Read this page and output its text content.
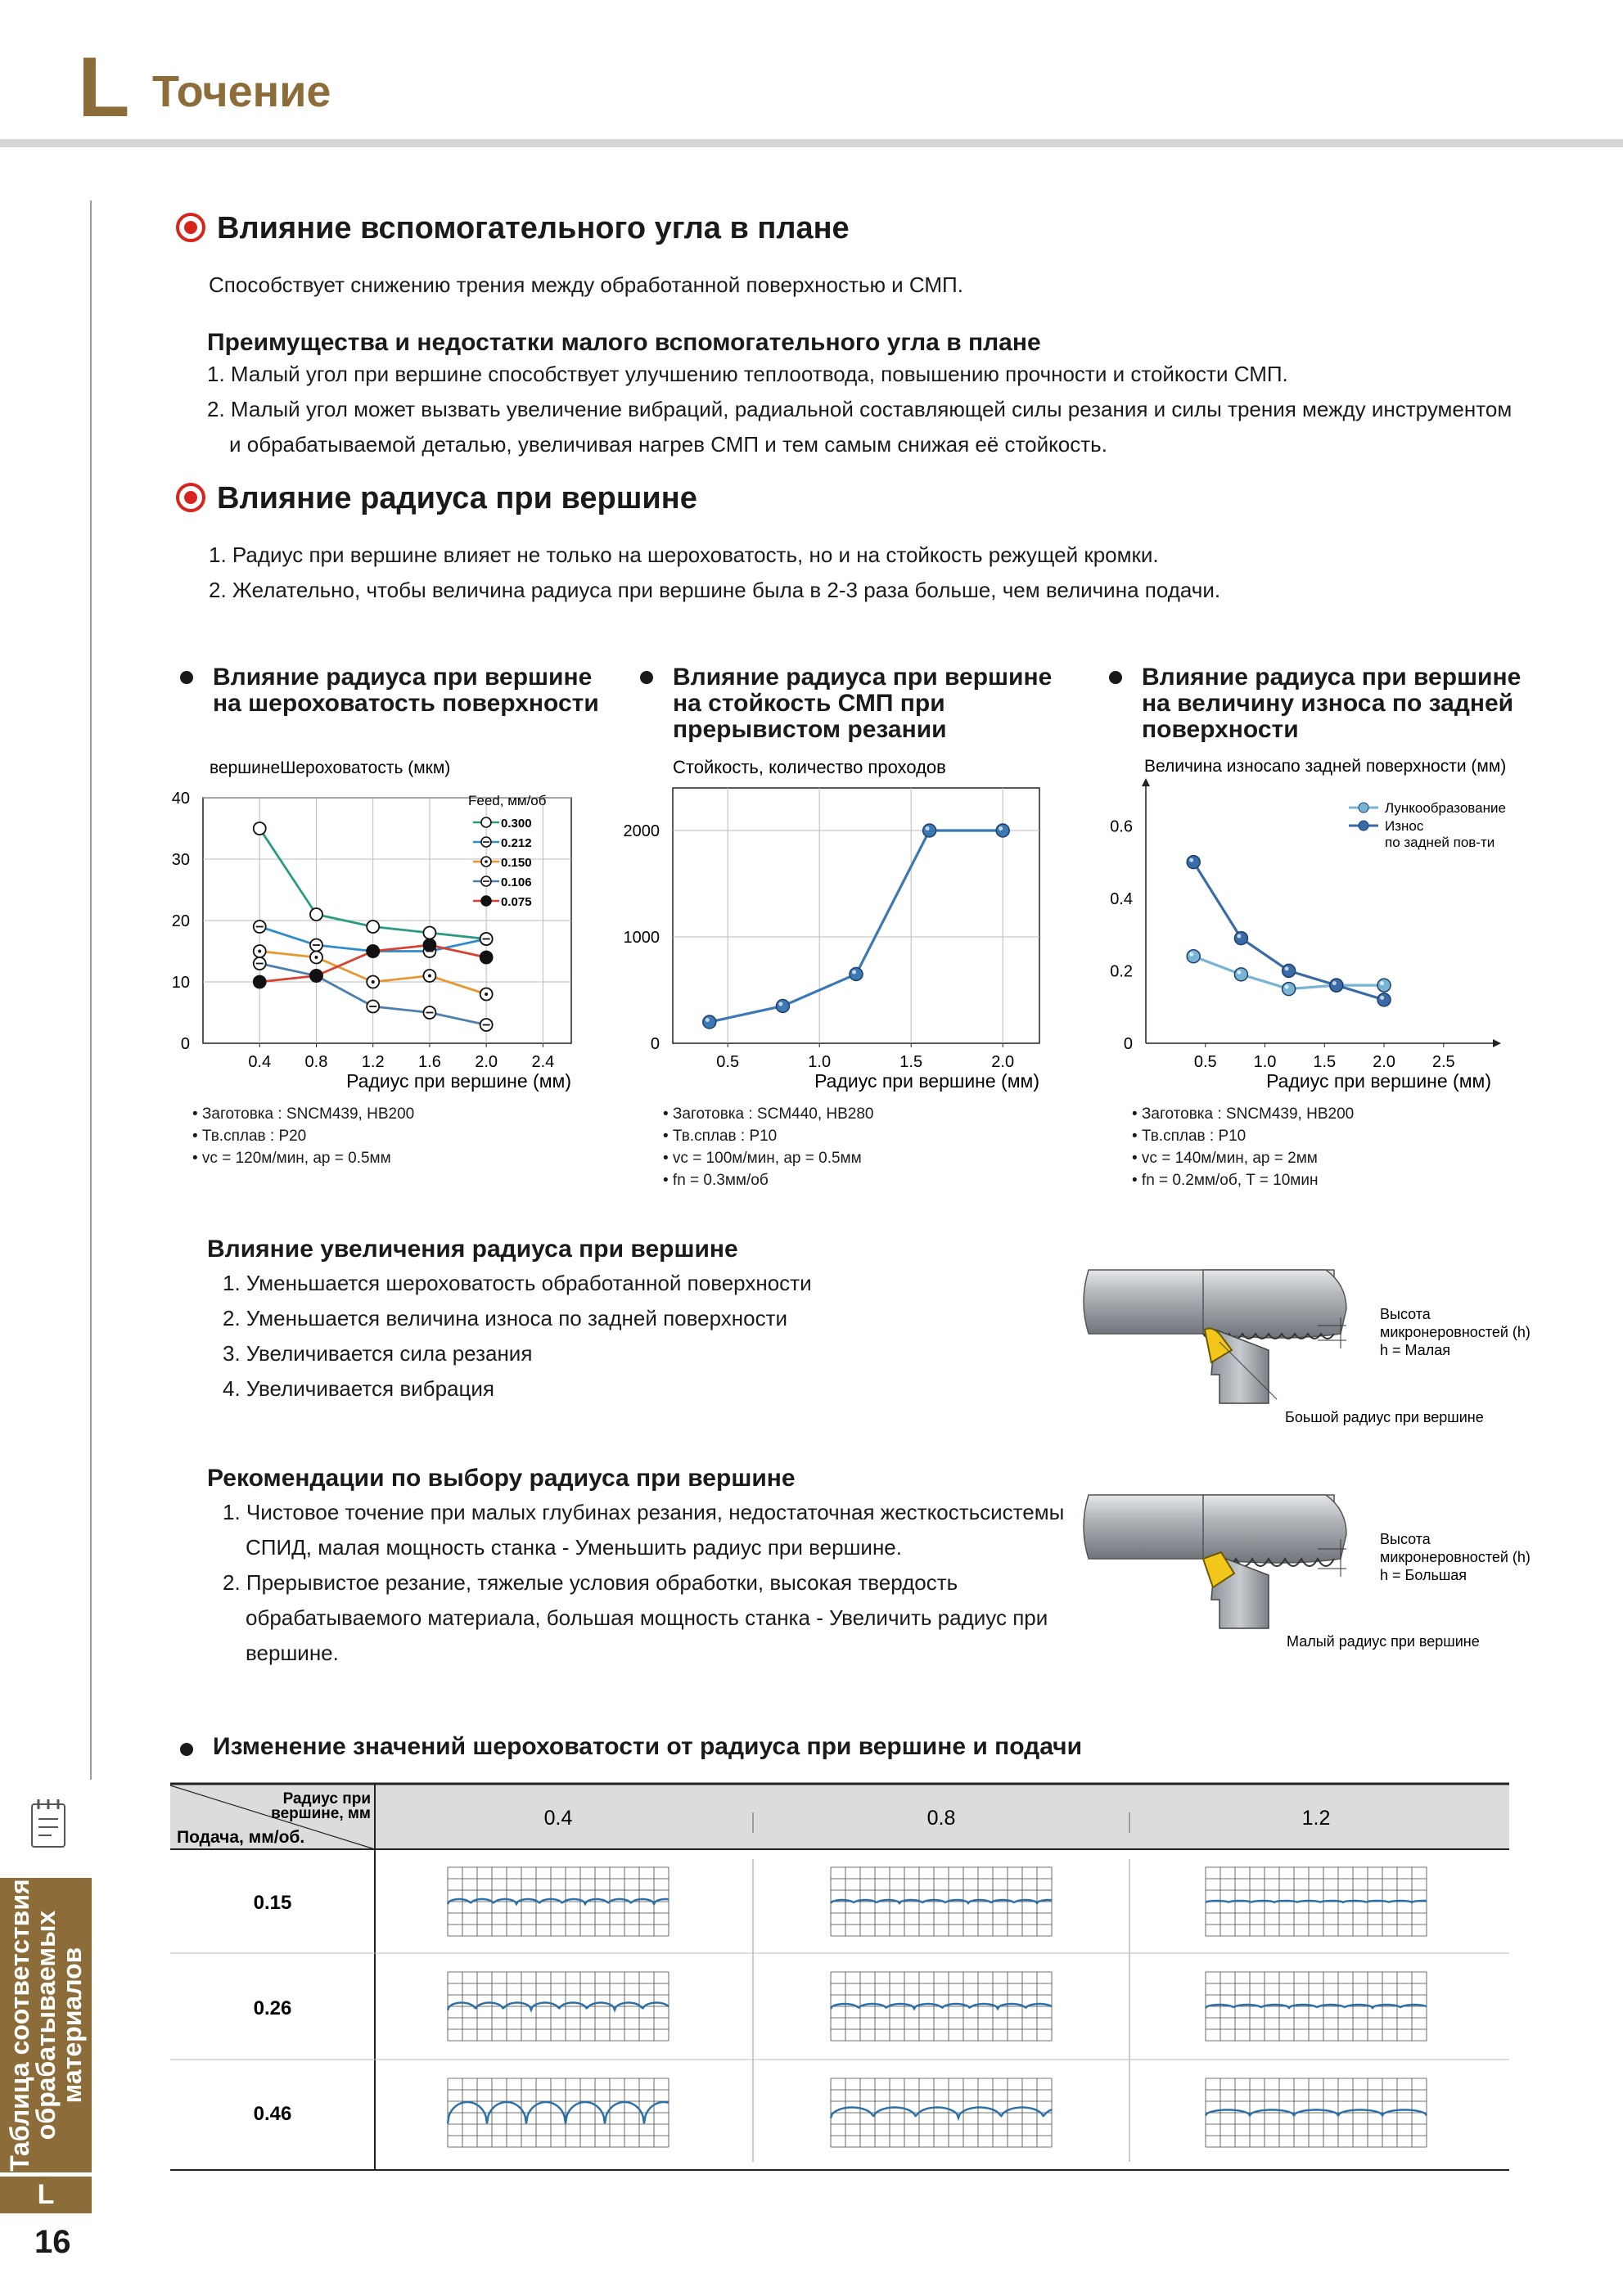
L Точение
Влияние вспомогательного угла в плане
Способствует снижению трения между обработанной поверхностью и СМП.
Преимущества и недостатки малого вспомогательного угла в плане
1. Малый угол при вершине способствует улучшению теплоотвода, повышению прочности и стойкости СМП.
2. Малый угол может вызвать увеличение вибраций, радиальной составляющей силы резания и силы трения между инструментом
и обрабатываемой деталью, увеличивая нагрев СМП и тем самым снижая её стойкость.
Влияние радиуса при вершине
1. Радиус при вершине влияет не только на шероховатость, но и на стойкость режущей кромки.
2. Желательно, чтобы величина радиуса при вершине была в 2-3 раза больше, чем величина подачи.
Влияние радиуса при вершине
на шероховатость поверхности
Влияние радиуса при вершине
на стойкость СМП при
прерывистом резании
Влияние радиуса при вершине
на величину износа по задней
поверхности
вершинеШероховатость (мкм)
0.4 0.8 1.2 1.6 2.0 2.4
0
10
20
30
40	Feed, мм/об
0.300
0.212
0.150
0.106
0.075
Радиус при вершине (мм)
Стойкость, количество проходов
0.5	1.0	1.5	2.0
0
1000
2000
Радиус при вершине (мм)
Величина износапо задней поверхности (мм)
0.5 1.0 1.5 2.0 2.5
0
0.2
0.4
0.6
Лункообразование
Износ
по задней пов-ти
Радиус при вершине (мм)
• Заготовка : SNCM439, HB200
• Тв.сплав : P20
• vc = 120м/мин, ap = 0.5мм
• Заготовка : SCM440, HB280
• Тв.сплав : P10
• vc = 100м/мин, ap = 0.5мм
• fn = 0.3мм/об
• Заготовка : SNCM439, HB200
• Тв.сплав : P10
• vc = 140м/мин, ap = 2мм
• fn = 0.2мм/об, T = 10мин
Влияние увеличения радиуса при вершине
1. Уменьшается шероховатость обработанной поверхности
2. Уменьшается величина износа по задней поверхности
3. Увеличивается сила резания
4. Увеличивается вибрация
Высота
микронеровностей (h)
h = Малая
Боьшой радиус при вершине
Рекомендации по выбору радиуса при вершине
1. Чистовое точение при малых глубинах резания, недостаточная жесткостьсистемы
СПИД, малая мощность станка - Уменьшить радиус при вершине.
2. Прерывистое резание, тяжелые условия обработки, высокая твердость
обрабатываемого материала, большая мощность станка - Увеличить радиус при
вершине.
Высота
микронеровностей (h)
h = Большая
Малый радиус при вершине
Изменение значений шероховатости от радиуса при вершине и подачи
Радиус при
вершине, мм
Подача, мм/об.
0.4	0.8	1.2
0.15
0.26
0.46
Таблица соответствия
обрабатываемых
материалов
L
16
